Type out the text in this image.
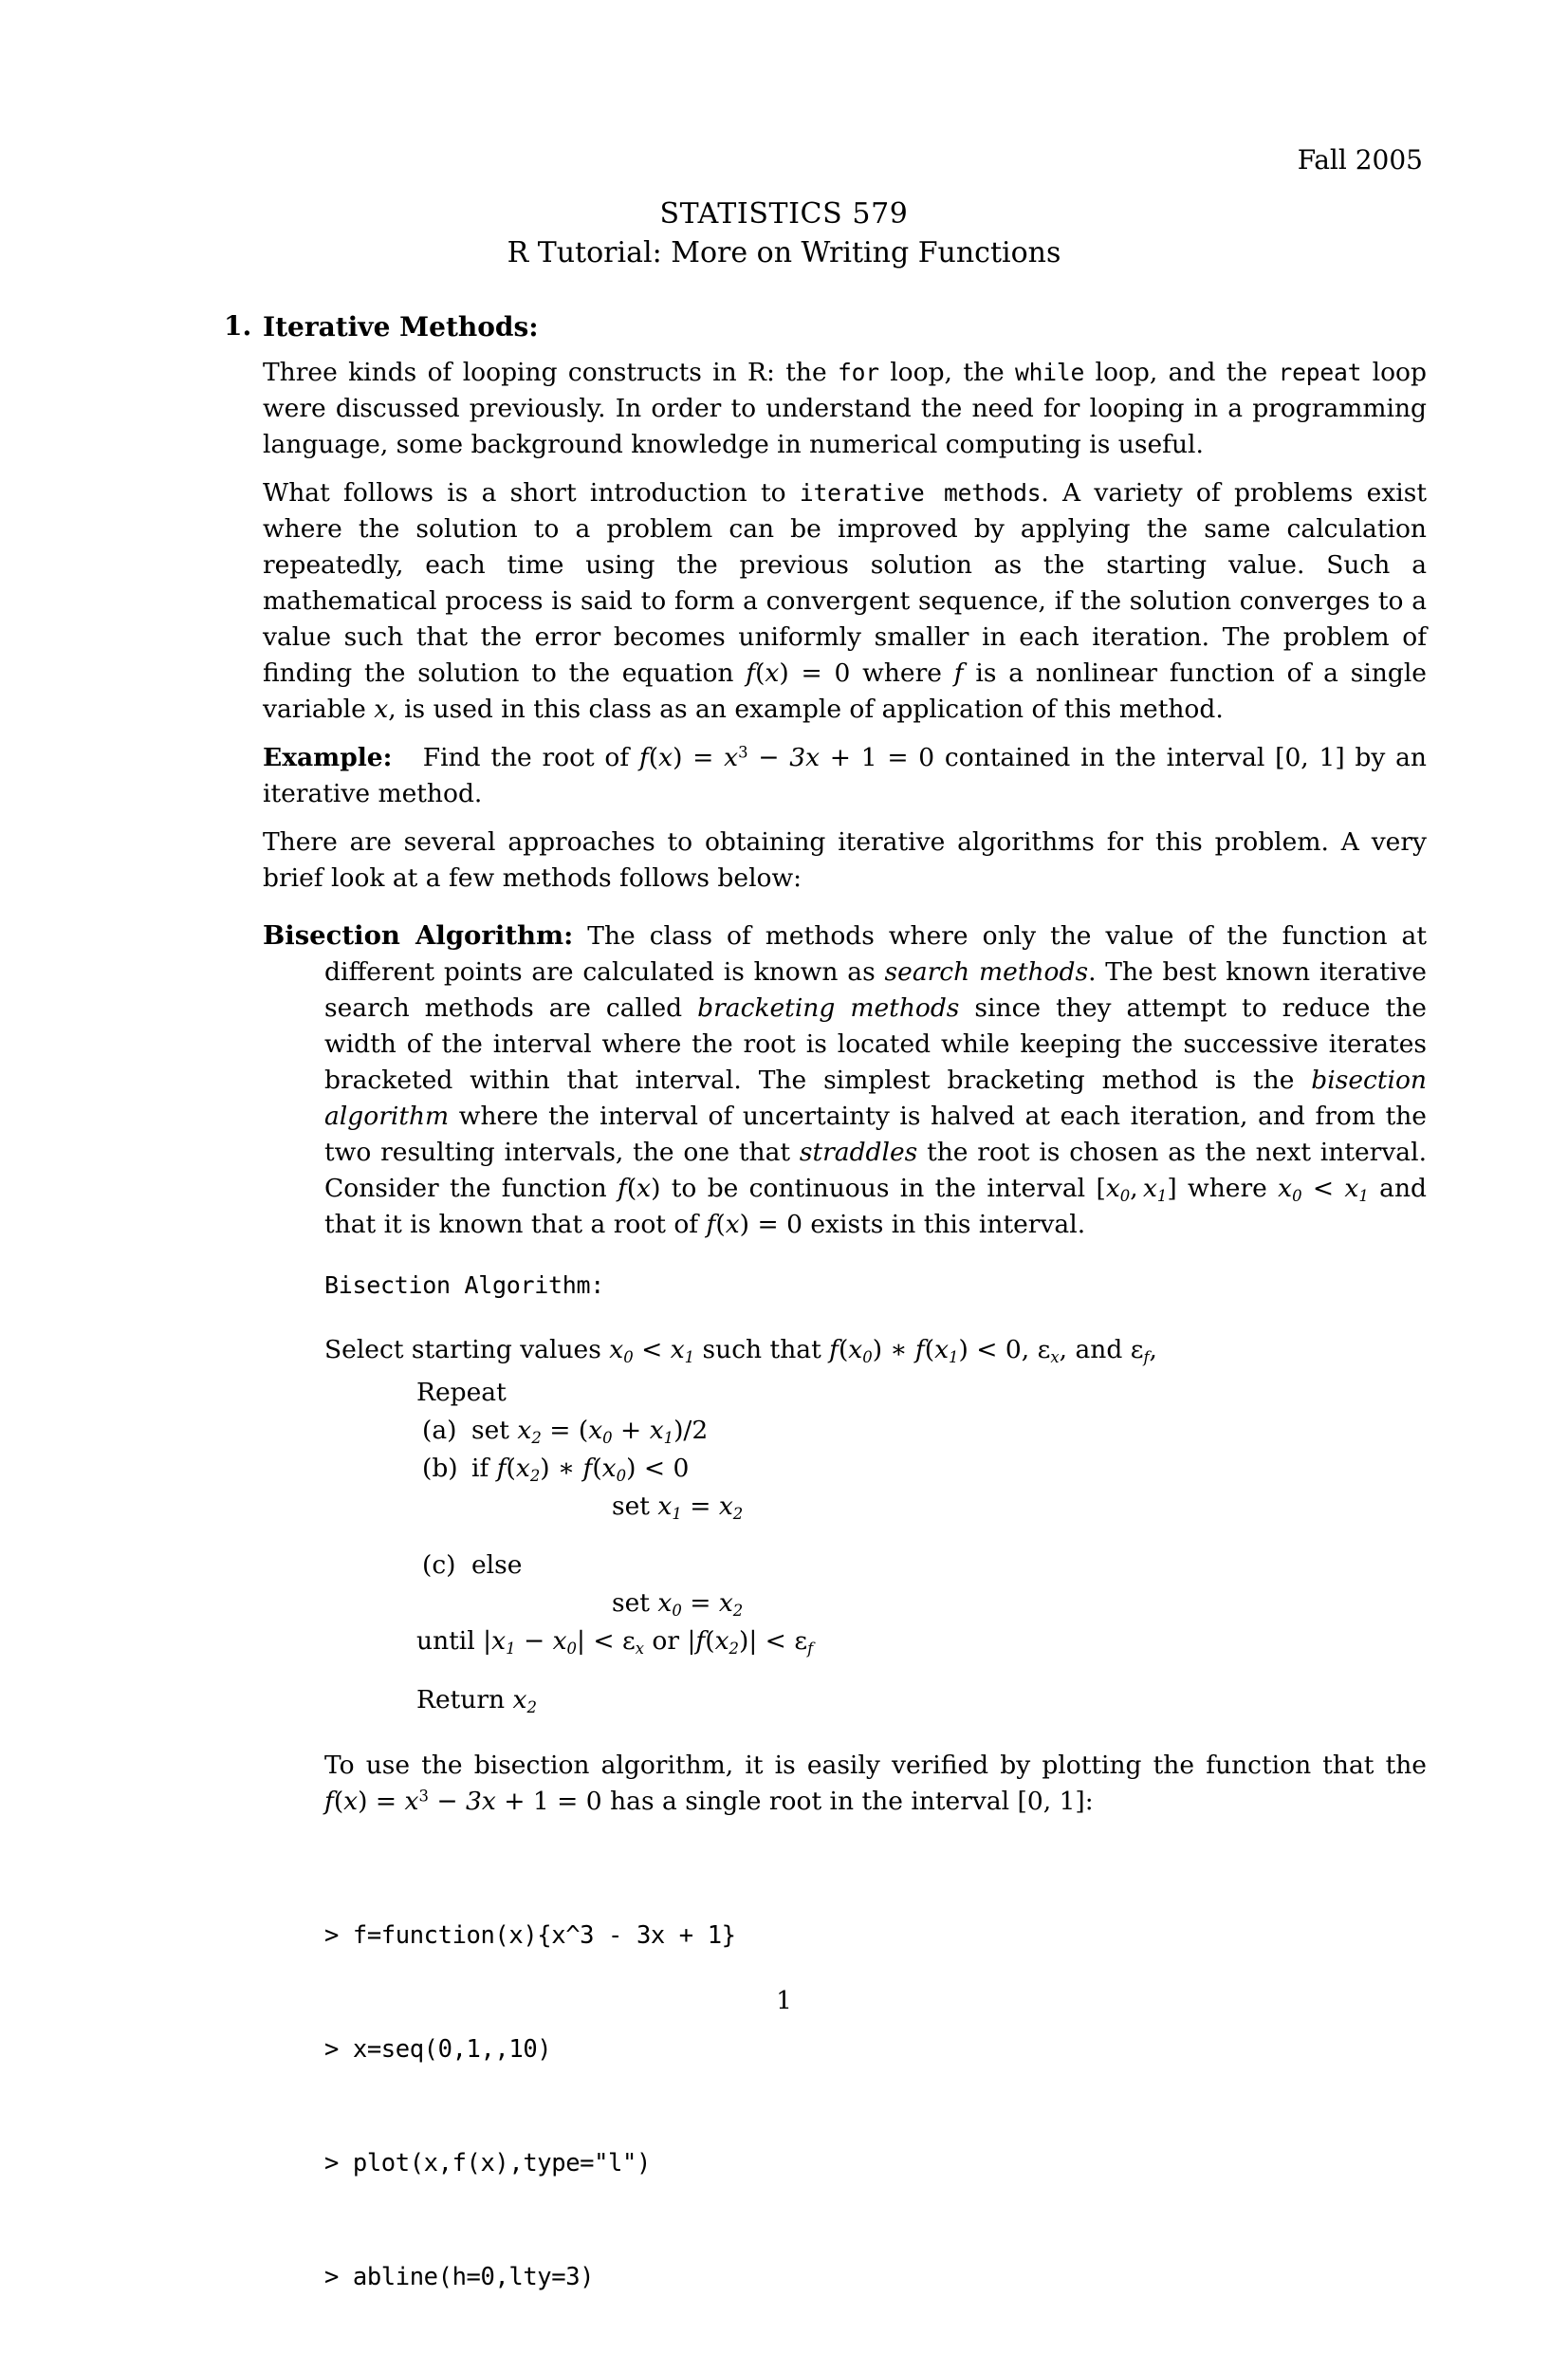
Fall 2005
STATISTICS 579
R Tutorial: More on Writing Functions
1. Iterative Methods:
Three kinds of looping constructs in R: the for loop, the while loop, and the repeat loop were discussed previously. In order to understand the need for looping in a programming language, some background knowledge in numerical computing is useful.
What follows is a short introduction to iterative methods. A variety of problems exist where the solution to a problem can be improved by applying the same calculation repeatedly, each time using the previous solution as the starting value. Such a mathematical process is said to form a convergent sequence, if the solution converges to a value such that the error becomes uniformly smaller in each iteration. The problem of finding the solution to the equation f(x) = 0 where f is a nonlinear function of a single variable x, is used in this class as an example of application of this method.
Example: Find the root of $f(x) = x^3 - 3x + 1 = 0$ contained in the interval [0, 1] by an iterative method.
There are several approaches to obtaining iterative algorithms for this problem. A very brief look at a few methods follows below:
Bisection Algorithm: The class of methods where only the value of the function at different points are calculated is known as search methods. The best known iterative search methods are called bracketing methods since they attempt to reduce the width of the interval where the root is located while keeping the successive iterates bracketed within that interval. The simplest bracketing method is the bisection algorithm where the interval of uncertainty is halved at each iteration, and from the two resulting intervals, the one that straddles the root is chosen as the next interval. Consider the function f(x) to be continuous in the interval [$x_0$, $x_1$] where $x_0 < x_1$ and that it is known that a root of f(x) = 0 exists in this interval.
Bisection Algorithm:
Select starting values $x_0 < x_1$ such that $f(x_0)$ ∗ $f(x_1) < 0$, $\varepsilon_x$, and $\varepsilon_f$,
Repeat
(a) set $x_2 = (x_0 + x_1)/2$
(b) if $f(x_2)$ ∗ $f(x_0) < 0$
set $x_1 = x_2$
(c) else
set $x_0 = x_2$
until $|x_1 - x_0| < \varepsilon_x$ or $|f(x_2)| < \varepsilon_f$
Return $x_2$
To use the bisection algorithm, it is easily verified by plotting the function that the $f(x) = x^3 - 3x + 1 = 0$ has a single root in the interval [0, 1]:

> f=function(x){x^3 - 3x + 1}

> x=seq(0,1,,10)

> plot(x,f(x),type="l")

> abline(h=0,lty=3)

1
